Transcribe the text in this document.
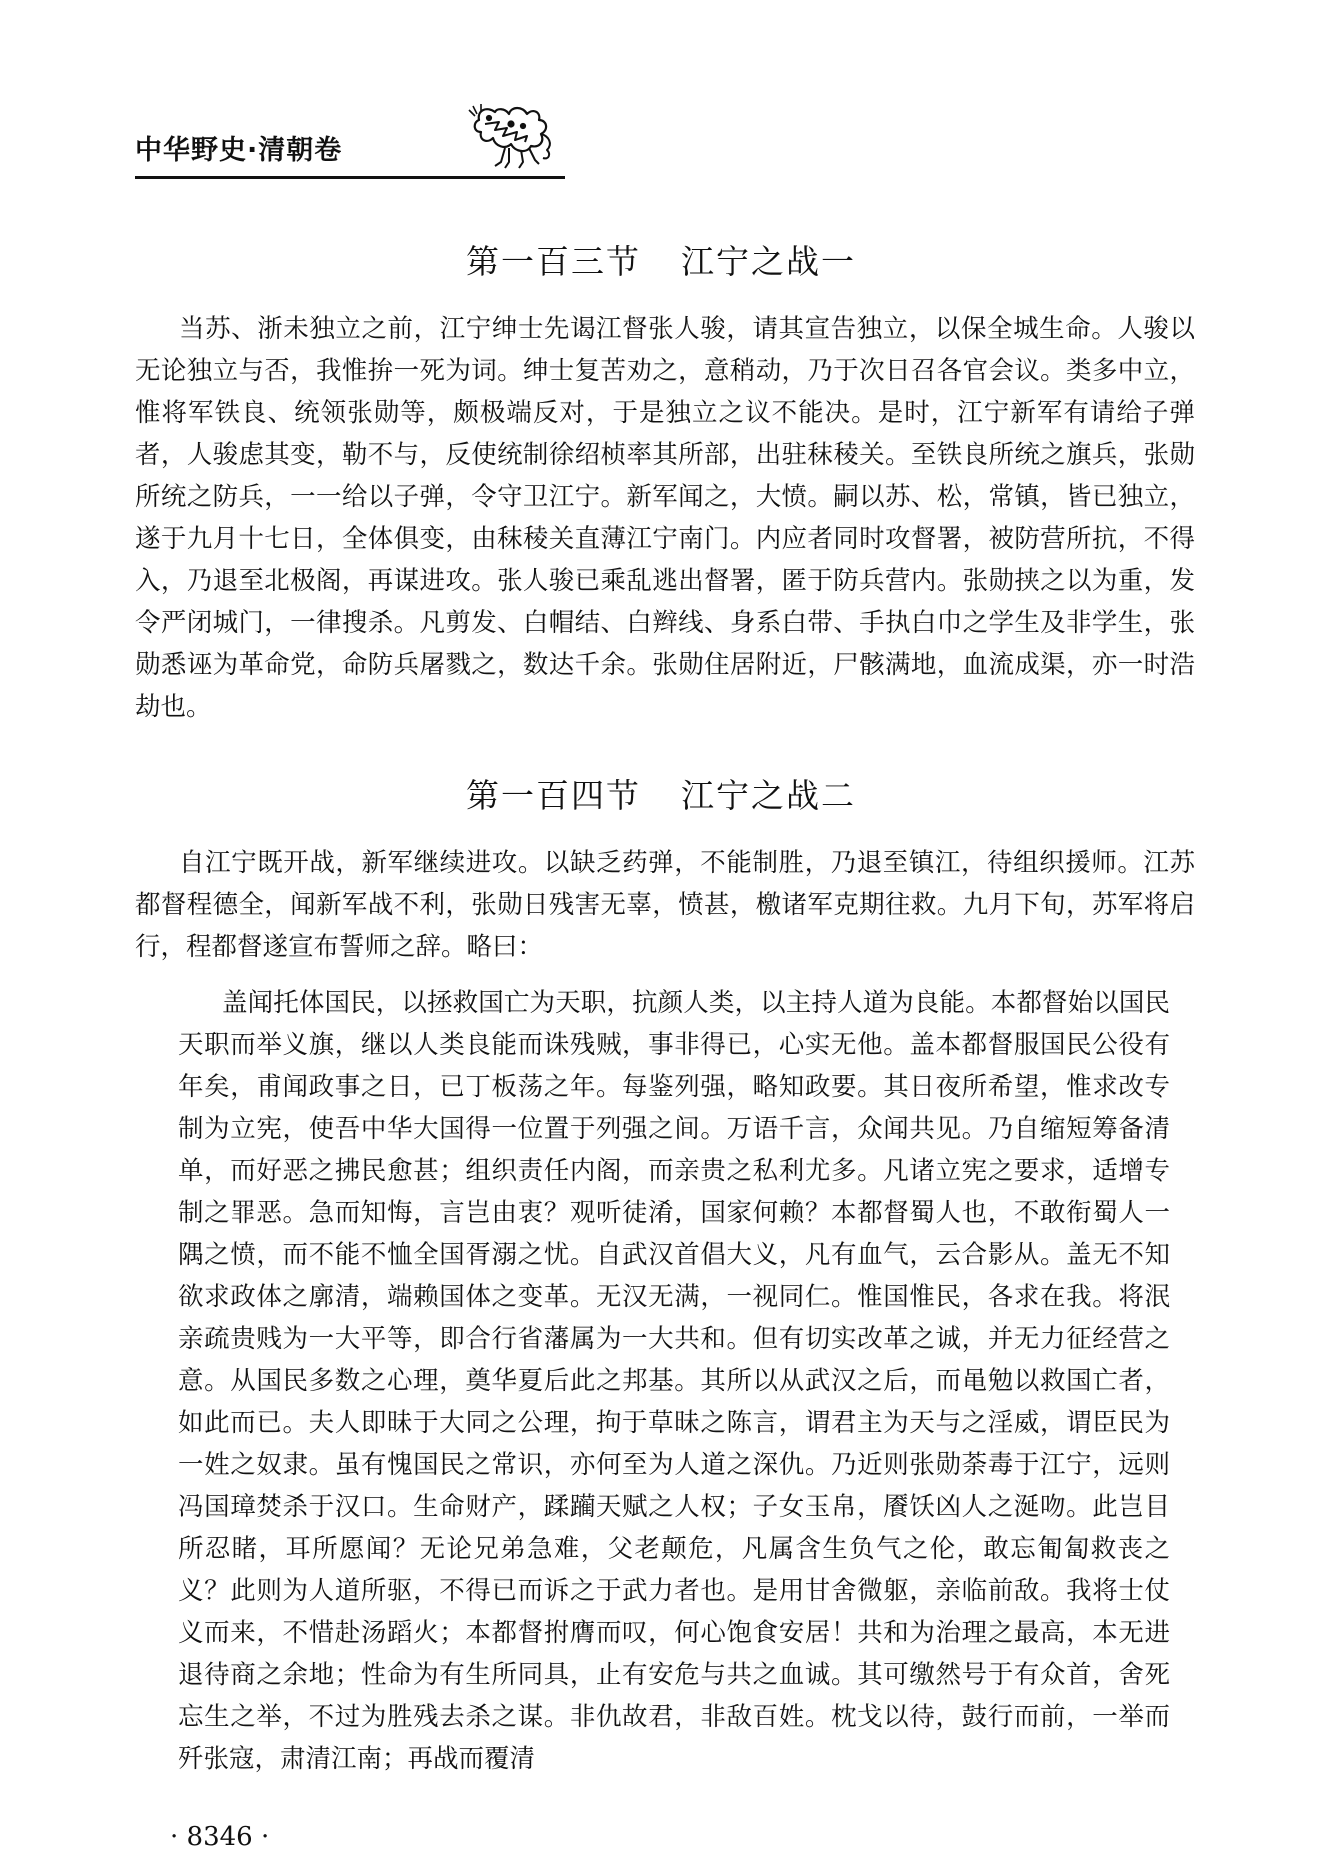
中华野史·清朝卷
第一百三节 江宁之战一

当苏、浙未独立之前，江宁绅士先谒江督张人骏，请其宣告独立，以保全城生命。人骏以无论独立与否，我惟拚一死为词。绅士复苦劝之，意稍动，乃于次日召各官会议。类多中立，惟将军铁良、统领张勋等，颇极端反对，于是独立之议不能决。是时，江宁新军有请给子弹者，人骏虑其变，勒不与，反使统制徐绍桢率其所部，出驻秣稜关。至铁良所统之旗兵，张勋所统之防兵，一一给以子弹，令守卫江宁。新军闻之，大愤。嗣以苏、松，常镇，皆已独立，遂于九月十七日，全体俱变，由秣稜关直薄江宁南门。内应者同时攻督署，被防营所抗，不得入，乃退至北极阁，再谋进攻。张人骏已乘乱逃出督署，匿于防兵营内。张勋挟之以为重，发令严闭城门，一律搜杀。凡剪发、白帽结、白辫线、身系白带、手执白巾之学生及非学生，张勋悉诬为革命党，命防兵屠戮之，数达千余。张勋住居附近，尸骸满地，血流成渠，亦一时浩劫也。

第一百四节 江宁之战二

自江宁既开战，新军继续进攻。以缺乏药弹，不能制胜，乃退至镇江，待组织援师。江苏都督程德全，闻新军战不利，张勋日残害无辜，愤甚，檄诸军克期往救。九月下旬，苏军将启行，程都督遂宣布誓师之辞。略曰：

盖闻托体国民，以拯救国亡为天职，抗颜人类，以主持人道为良能。本都督始以国民天职而举义旗，继以人类良能而诛残贼，事非得已，心实无他。盖本都督服国民公役有年矣，甫闻政事之日，已丁板荡之年。每鉴列强，略知政要。其日夜所希望，惟求改专制为立宪，使吾中华大国得一位置于列强之间。万语千言，众闻共见。乃自缩短筹备清单，而好恶之拂民愈甚；组织责任内阁，而亲贵之私利尤多。凡诸立宪之要求，适增专制之罪恶。急而知悔，言岂由衷？观听徒淆，国家何赖？本都督蜀人也，不敢衔蜀人一隅之愤，而不能不恤全国胥溺之忧。自武汉首倡大义，凡有血气，云合影从。盖无不知欲求政体之廓清，端赖国体之变革。无汉无满，一视同仁。惟国惟民，各求在我。将泯亲疏贵贱为一大平等，即合行省藩属为一大共和。但有切实改革之诚，并无力征经营之意。从国民多数之心理，奠华夏后此之邦基。其所以从武汉之后，而黾勉以救国亡者，如此而已。夫人即昧于大同之公理，拘于草昧之陈言，谓君主为天与之淫威，谓臣民为一姓之奴隶。虽有愧国民之常识，亦何至为人道之深仇。乃近则张勋荼毒于江宁，远则冯国璋焚杀于汉口。生命财产，蹂躏天赋之人权；子女玉帛，餍饫凶人之涎吻。此岂目所忍睹，耳所愿闻？无论兄弟急难，父老颠危，凡属含生负气之伦，敢忘匍匐救丧之义？此则为人道所驱，不得已而诉之于武力者也。是用甘舍微躯，亲临前敌。我将士仗义而来，不惜赴汤蹈火；本都督拊膺而叹，何心饱食安居！共和为治理之最高，本无进退待商之余地；性命为有生所同具，止有安危与共之血诚。其可缴然号于有众首，舍死忘生之举，不过为胜残去杀之谋。非仇故君，非敌百姓。枕戈以待，鼓行而前，一举而歼张寇，肃清江南；再战而覆清

· 8346 ·
